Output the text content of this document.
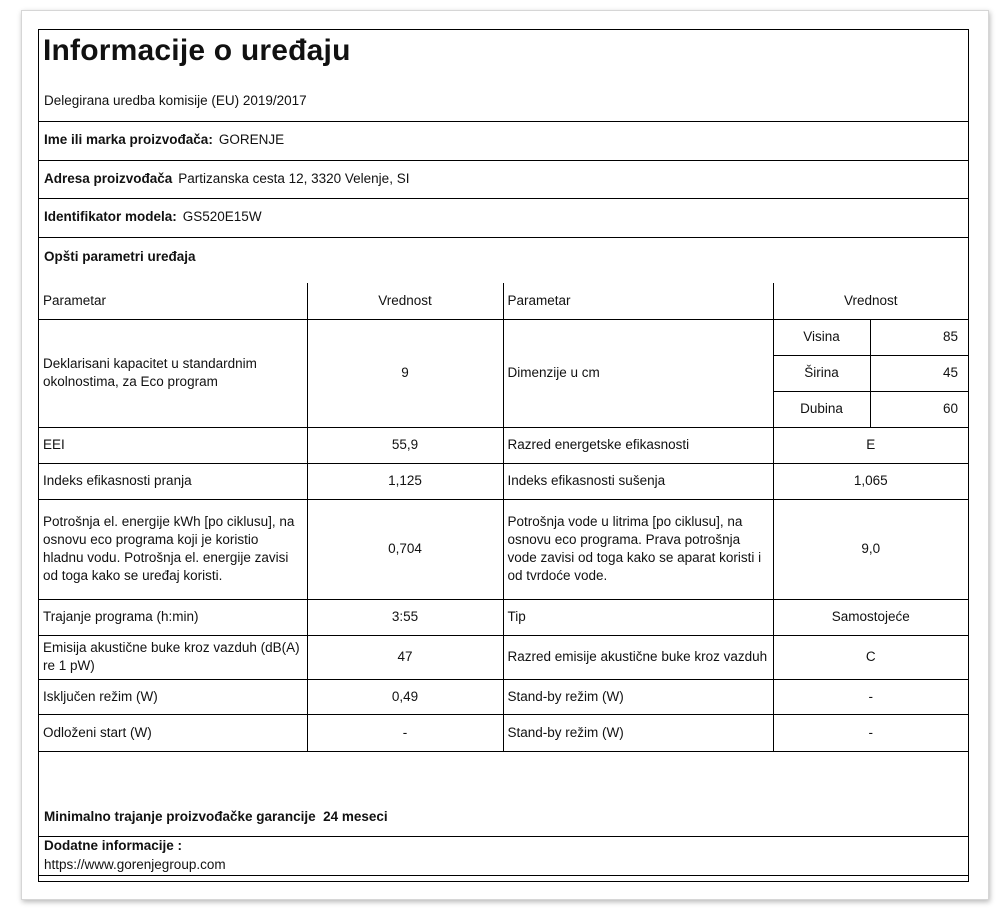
Informacije o uređaju
Delegirana uredba komisije (EU) 2019/2017
Ime ili marka proizvođača: GORENJE
Adresa proizvođača Partizanska cesta 12, 3320 Velenje, SI
Identifikator modela: GS520E15W
Opšti parametri uređaja
Parametar	Vrednost	Parametar	Vrednost	
Deklarisani kapacitet u standardnim okolnostima, za Eco program	9	Dimenzije u cm	Visina	85
			Širina	45
			Dubina	60
EEI	55,9	Razred energetske efikasnosti	E	
Indeks efikasnosti pranja	1,125	Indeks efikasnosti sušenja	1,065	
Potrošnja el. energije kWh [po ciklusu], na osnovu eco programa koji je koristio hladnu vodu. Potrošnja el. energije zavisi od toga kako se uređaj koristi.	0,704	Potrošnja vode u litrima [po ciklusu], na osnovu eco programa. Prava potrošnja vode zavisi od toga kako se aparat koristi i od tvrdoće vode.	9,0	
Trajanje programa (h:min)	3:55	Tip	Samostojeće	
Emisija akustične buke kroz vazduh (dB(A) re 1 pW)	47	Razred emisije akustične buke kroz vazduh	C	
Isključen režim (W)	0,49	Stand-by režim (W)	-	
Odloženi start (W)	-	Stand-by režim (W)	-	
Minimalno trajanje proizvođačke garancije 24 meseci
Dodatne informacije :
https://www.gorenjegroup.com
